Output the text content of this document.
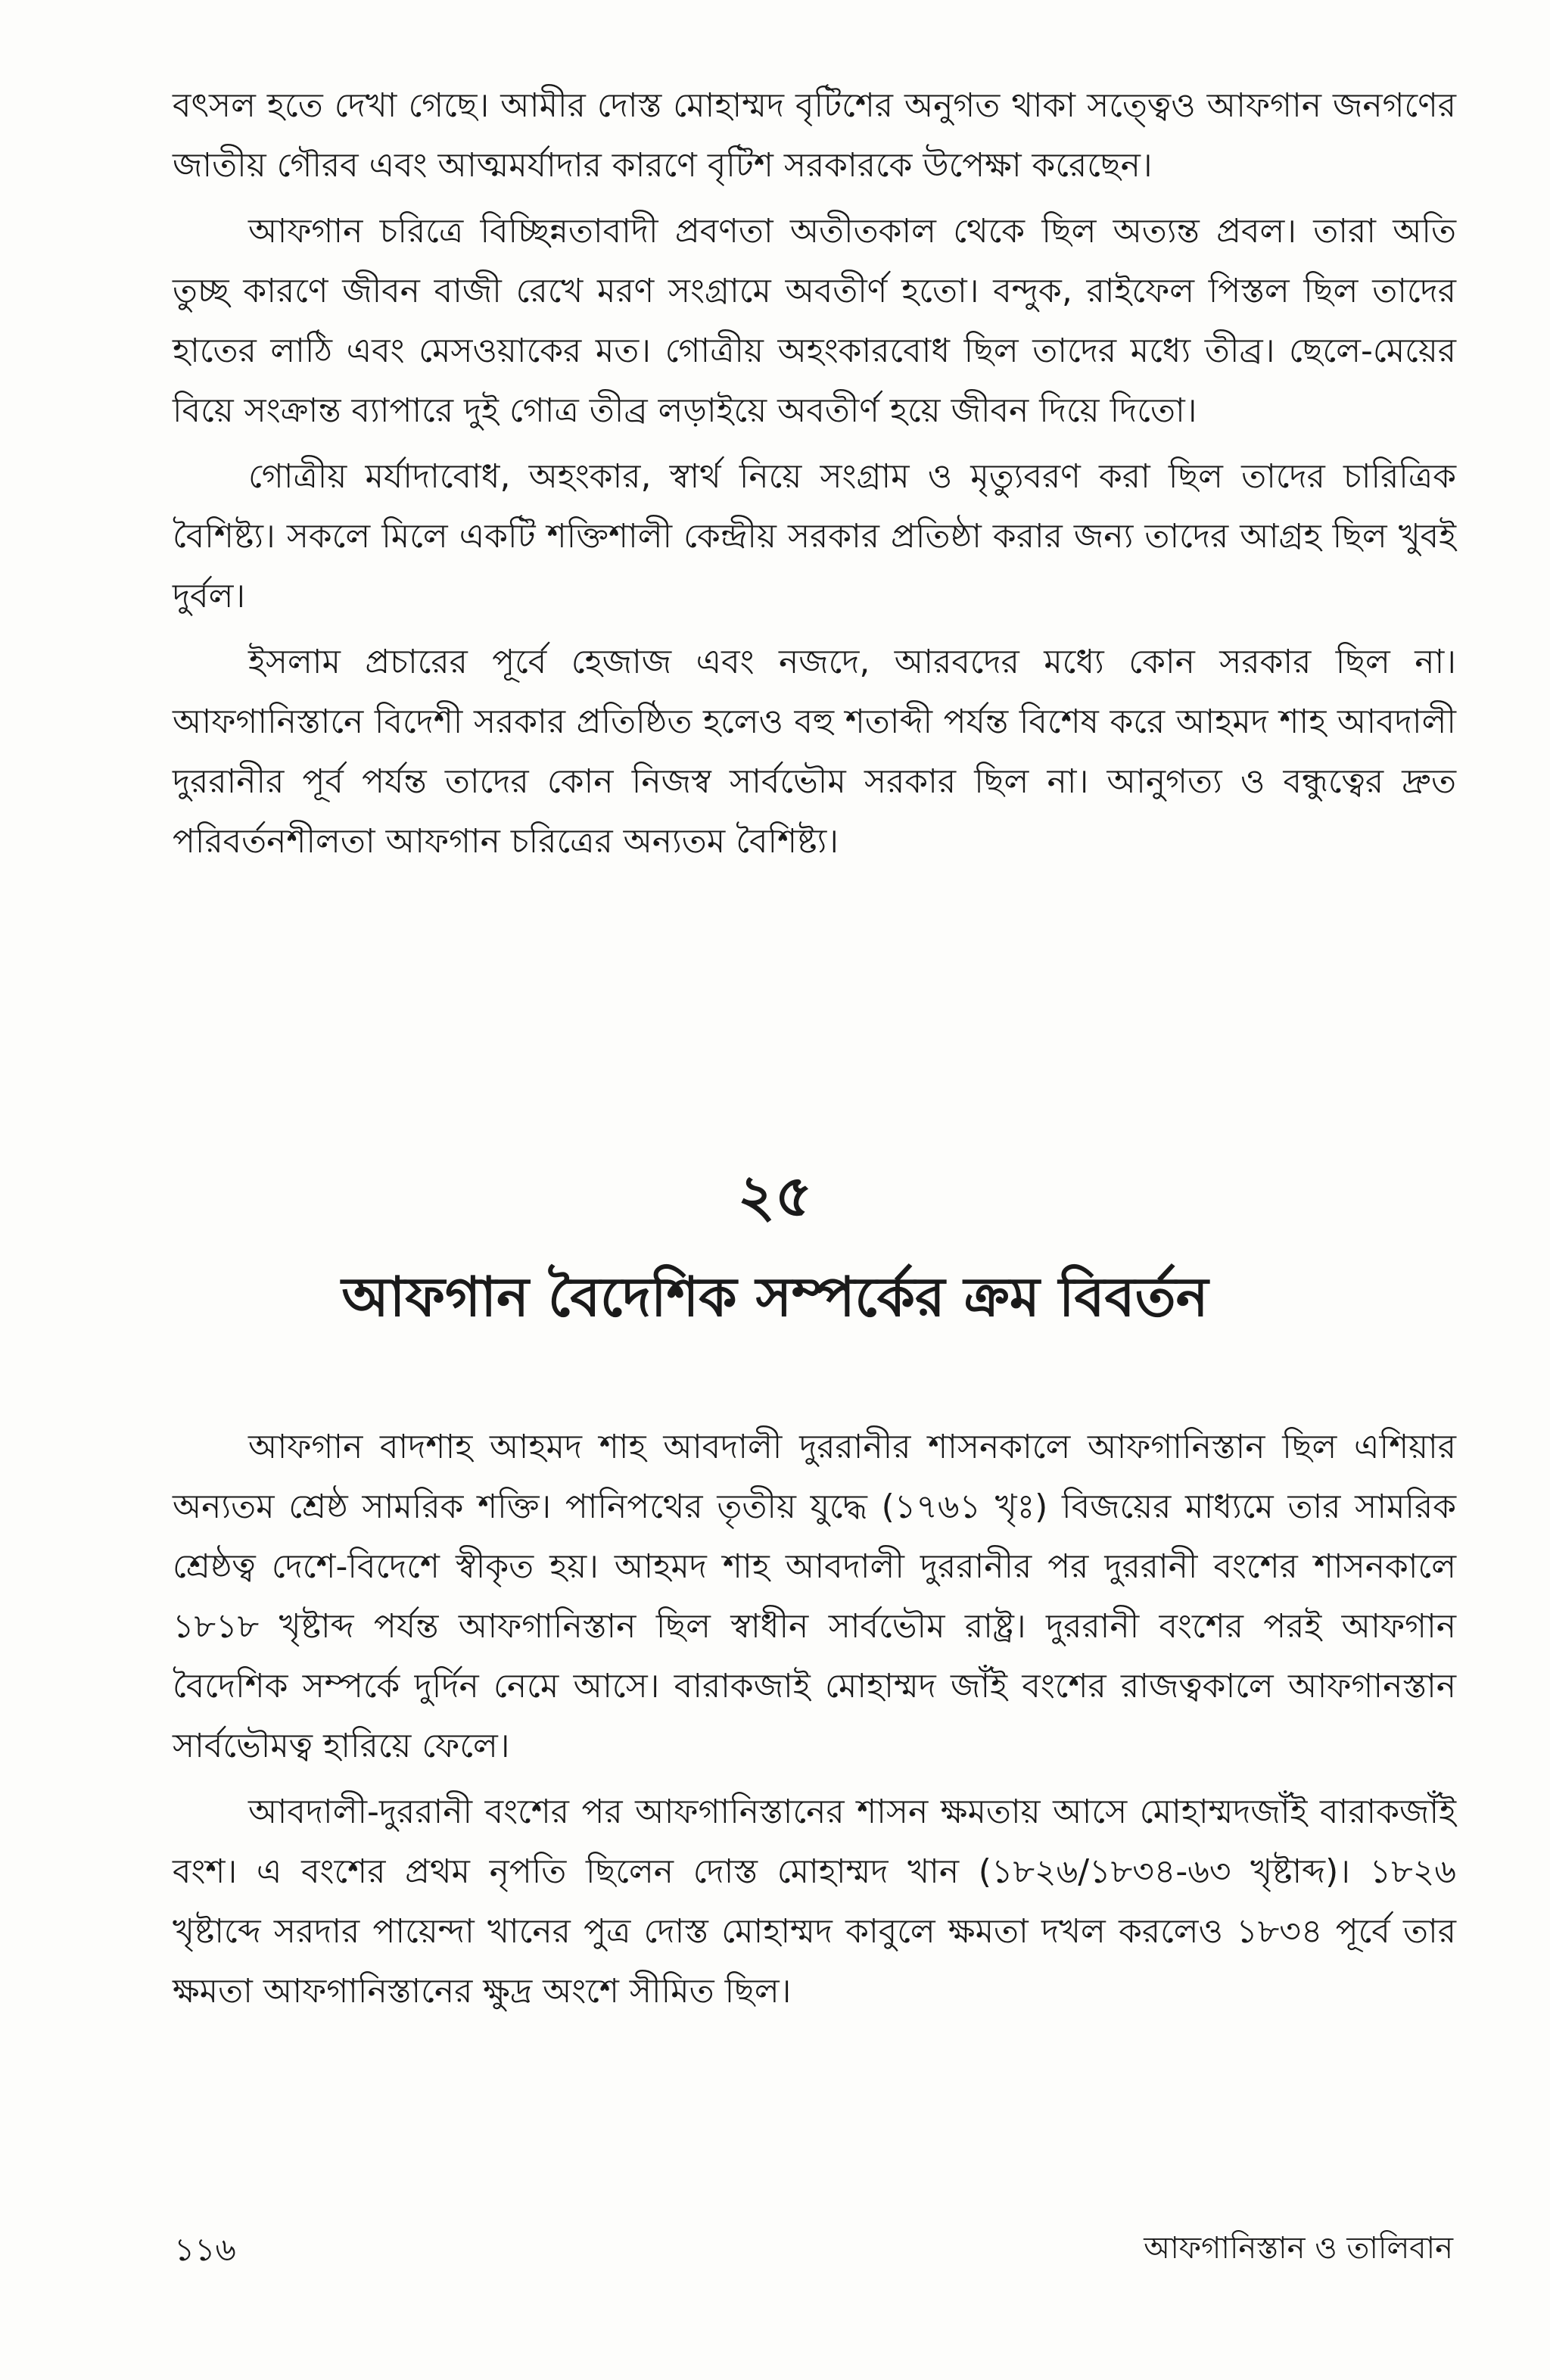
বৎসল হতে দেখা গেছে। আমীর দোস্ত মোহাম্মদ বৃটিশের অনুগত থাকা সত্ত্বেও আফগান জনগণের জাতীয় গৌরব এবং আত্মমর্যাদার কারণে বৃটিশ সরকারকে উপেক্ষা করেছেন।

আফগান চরিত্রে বিচ্ছিন্নতাবাদী প্রবণতা অতীতকাল থেকে ছিল অত্যন্ত প্রবল। তারা অতি তুচ্ছ কারণে জীবন বাজী রেখে মরণ সংগ্রামে অবতীর্ণ হতো। বন্দুক, রাইফেল পিস্তল ছিল তাদের হাতের লাঠি এবং মেসওয়াকের মত। গোত্রীয় অহংকারবোধ ছিল তাদের মধ্যে তীব্র। ছেলে-মেয়ের বিয়ে সংক্রান্ত ব্যাপারে দুই গোত্র তীব্র লড়াইয়ে অবতীর্ণ হয়ে জীবন দিয়ে দিতো।

গোত্রীয় মর্যাদাবোধ, অহংকার, স্বার্থ নিয়ে সংগ্রাম ও মৃত্যুবরণ করা ছিল তাদের চারিত্রিক বৈশিষ্ট্য। সকলে মিলে একটি শক্তিশালী কেন্দ্রীয় সরকার প্রতিষ্ঠা করার জন্য তাদের আগ্রহ ছিল খুবই দুর্বল।

ইসলাম প্রচারের পূর্বে হেজাজ এবং নজদে, আরবদের মধ্যে কোন সরকার ছিল না। আফগানিস্তানে বিদেশী সরকার প্রতিষ্ঠিত হলেও বহু শতাব্দী পর্যন্ত বিশেষ করে আহমদ শাহ আবদালী দুররানীর পূর্ব পর্যন্ত তাদের কোন নিজস্ব সার্বভৌম সরকার ছিল না। আনুগত্য ও বন্ধুত্বের দ্রুত পরিবর্তনশীলতা আফগান চরিত্রের অন্যতম বৈশিষ্ট্য।

২৫
আফগান বৈদেশিক সম্পর্কের ক্রম বিবর্তন

আফগান বাদশাহ আহমদ শাহ আবদালী দুররানীর শাসনকালে আফগানিস্তান ছিল এশিয়ার অন্যতম শ্রেষ্ঠ সামরিক শক্তি। পানিপথের তৃতীয় যুদ্ধে (১৭৬১ খৃঃ) বিজয়ের মাধ্যমে তার সামরিক শ্রেষ্ঠত্ব দেশে-বিদেশে স্বীকৃত হয়। আহমদ শাহ আবদালী দুররানীর পর দুররানী বংশের শাসনকালে ১৮১৮ খৃষ্টাব্দ পর্যন্ত আফগানিস্তান ছিল স্বাধীন সার্বভৌম রাষ্ট্র। দুররানী বংশের পরই আফগান বৈদেশিক সম্পর্কে দুর্দিন নেমে আসে। বারাকজাই মোহাম্মদ জাঁই বংশের রাজত্বকালে আফগানস্তান সার্বভৌমত্ব হারিয়ে ফেলে।

আবদালী-দুররানী বংশের পর আফগানিস্তানের শাসন ক্ষমতায় আসে মোহাম্মদজাঁই বারাকজাঁই বংশ। এ বংশের প্রথম নৃপতি ছিলেন দোস্ত মোহাম্মদ খান (১৮২৬/১৮৩৪-৬৩ খৃষ্টাব্দ)। ১৮২৬ খৃষ্টাব্দে সরদার পায়েন্দা খানের পুত্র দোস্ত মোহাম্মদ কাবুলে ক্ষমতা দখল করলেও ১৮৩৪ পূর্বে তার ক্ষমতা আফগানিস্তানের ক্ষুদ্র অংশে সীমিত ছিল।

১১৬	আফগানিস্তান ও তালিবান
